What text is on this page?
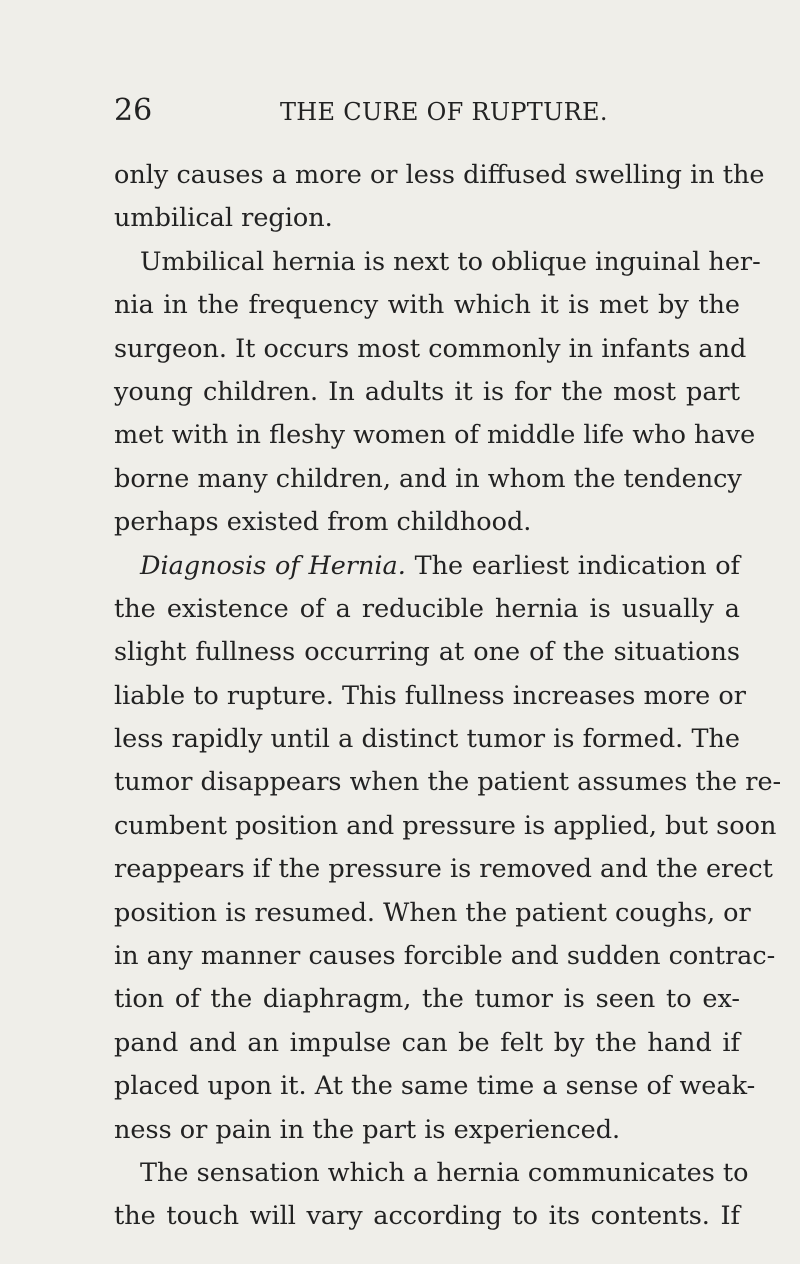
26	THE CURE OF RUPTURE.
only causes a more or less diffused swelling in the
umbilical region.
Umbilical hernia is next to oblique inguinal her-
nia in the frequency with which it is met by the
surgeon. It occurs most commonly in infants and
young children. In adults it is for the most part
met with in fleshy women of middle life who have
borne many children, and in whom the tendency
perhaps existed from childhood.
Diagnosis of Hernia. The earliest indication of
the existence of a reducible hernia is usually a
slight fullness occurring at one of the situations
liable to rupture. This fullness increases more or
less rapidly until a distinct tumor is formed. The
tumor disappears when the patient assumes the re-
cumbent position and pressure is applied, but soon
reappears if the pressure is removed and the erect
position is resumed. When the patient coughs, or
in any manner causes forcible and sudden contrac-
tion of the diaphragm, the tumor is seen to ex-
pand and an impulse can be felt by the hand if
placed upon it. At the same time a sense of weak-
ness or pain in the part is experienced.
The sensation which a hernia communicates to
the touch will vary according to its contents. If
